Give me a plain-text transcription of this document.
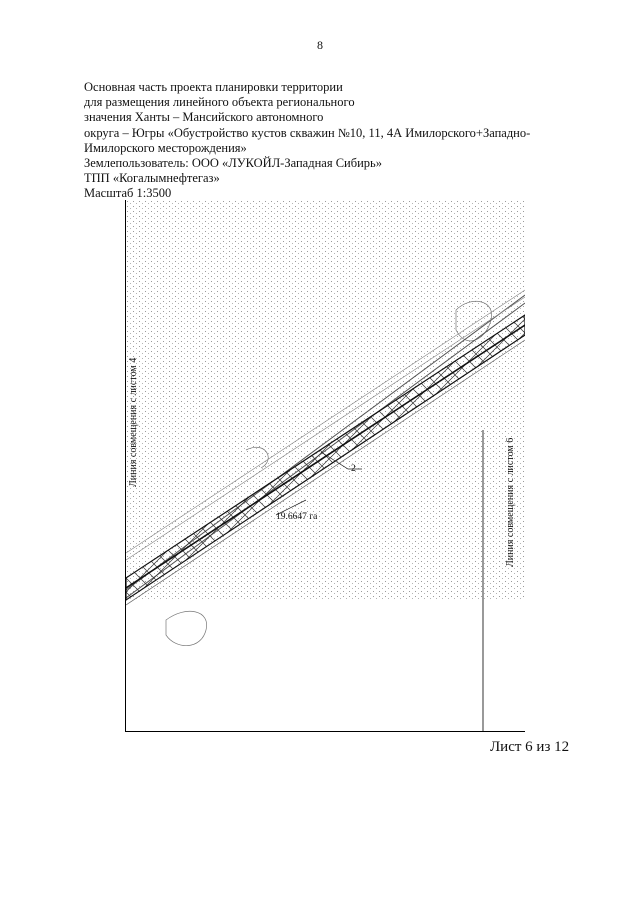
8
Основная часть проекта планировки территории
для размещения линейного объекта регионального
значения Ханты – Мансийского автономного
округа – Югры «Обустройство кустов скважин №10, 11, 4А Имилорского+Западно-
Имилорского месторождения»
Землепользователь: ООО «ЛУКОЙЛ-Западная Сибирь»
ТПП «Когалымнефтегаз»
Масштаб 1:3500
Линия совмещения с листом 4
Линия совмещения с листом 6
19.6647 га
2
Лист 6 из 12
